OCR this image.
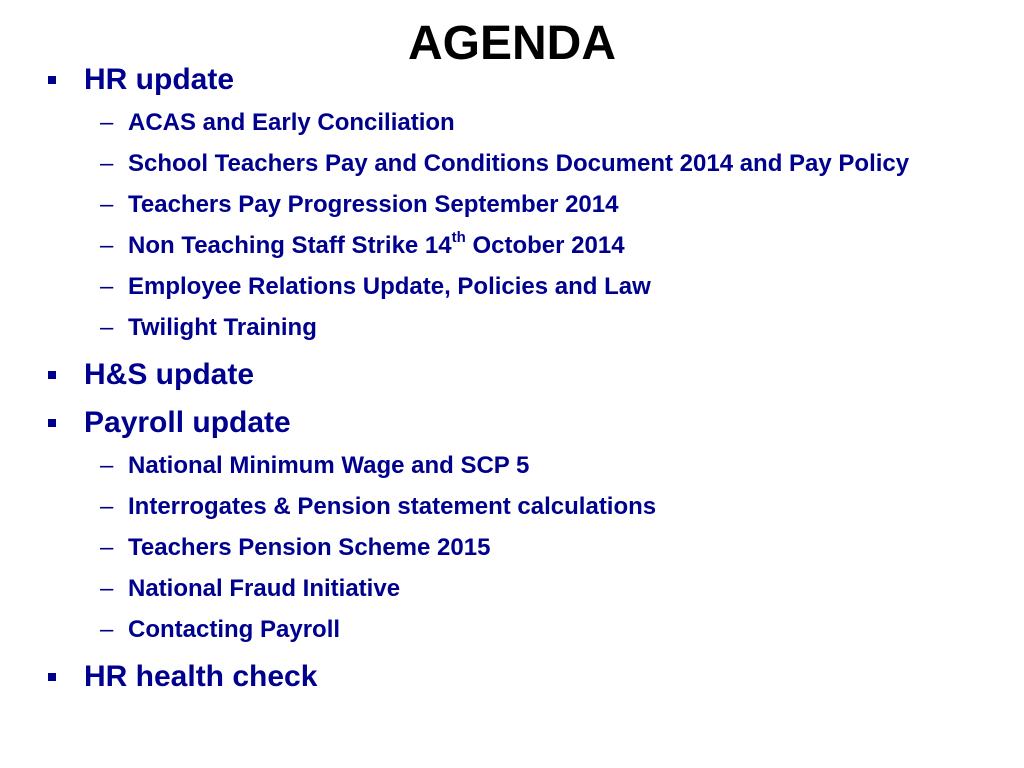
AGENDA
HR update
– ACAS and Early Conciliation
– School Teachers Pay and Conditions Document 2014 and Pay Policy
– Teachers Pay Progression September 2014
– Non Teaching Staff Strike 14th October 2014
– Employee Relations Update, Policies and Law
– Twilight Training
H&S update
Payroll update
– National Minimum Wage and SCP 5
– Interrogates & Pension statement calculations
– Teachers Pension Scheme 2015
– National Fraud Initiative
– Contacting Payroll
HR health check
